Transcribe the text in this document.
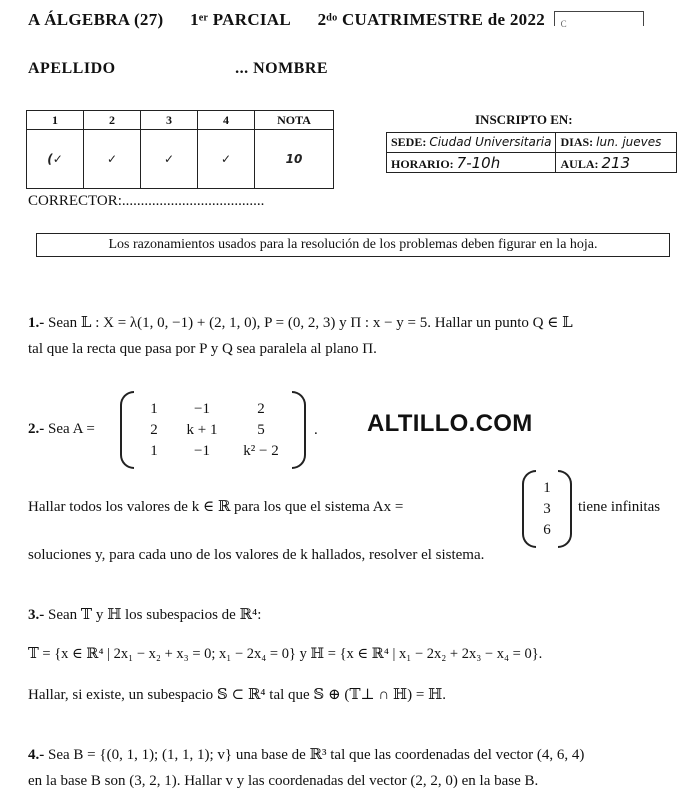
A ÁLGEBRA (27) 1ᵉʳ PARCIAL 2ᵈᵒ CUATRIMESTRE de 2022 C
APELLIDO	... NOMBRE
1	2	3	4	NOTA
(✓	✓	✓	✓	10
INSCRIPTO EN:
SEDE: Ciudad Universitaria	DIAS: lun. jueves
HORARIO: 7-10h	AULA: 213
CORRECTOR:......................................
Los razonamientos usados para la resolución de los problemas deben figurar en la hoja.
1.- Sean 𝕃 : X = λ(1, 0, −1) + (2, 1, 0), P = (0, 2, 3) y Π : x − y = 5. Hallar un punto Q ∈ 𝕃
tal que la recta que pasa por P y Q sea paralela al plano Π.
2.- Sea A =
1	−1	2
2	k + 1	5
1	−1	k² − 2
. ALTILLO.COM
Hallar todos los valores de k ∈ ℝ para los que el sistema Ax =
1
3
6
tiene infinitas
soluciones y, para cada uno de los valores de k hallados, resolver el sistema.
3.- Sean 𝕋 y ℍ los subespacios de ℝ⁴:
𝕋 = {x ∈ ℝ⁴ | 2x₁ − x₂ + x₃ = 0; x₁ − 2x₄ = 0} y ℍ = {x ∈ ℝ⁴ | x₁ − 2x₂ + 2x₃ − x₄ = 0}.
Hallar, si existe, un subespacio 𝕊 ⊂ ℝ⁴ tal que 𝕊 ⊕ (𝕋⊥ ∩ ℍ) = ℍ.
4.- Sea B = {(0, 1, 1); (1, 1, 1); v} una base de ℝ³ tal que las coordenadas del vector (4, 6, 4)
en la base B son (3, 2, 1). Hallar v y las coordenadas del vector (2, 2, 0) en la base B.
